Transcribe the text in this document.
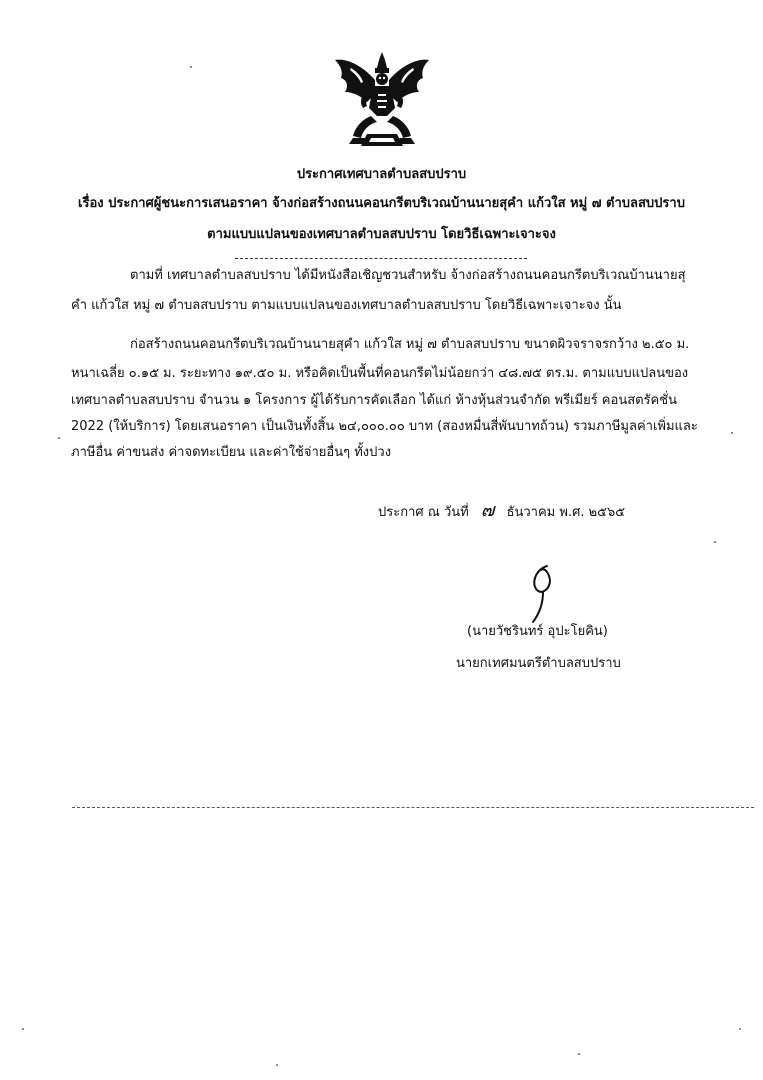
ประกาศเทศบาลตำบลสบปราบ
เรื่อง ประกาศผู้ชนะการเสนอราคา จ้างก่อสร้างถนนคอนกรีตบริเวณบ้านนายสุคำ แก้วใส หมู่ ๗ ตำบลสบปราบ
ตามแบบแปลนของเทศบาลตำบลสบปราบ โดยวิธีเฉพาะเจาะจง
ตามที่ เทศบาลตำบลสบปราบ ได้มีหนังสือเชิญชวนสำหรับ จ้างก่อสร้างถนนคอนกรีตบริเวณบ้านนายสุ
คำ แก้วใส หมู่ ๗ ตำบลสบปราบ ตามแบบแปลนของเทศบาลตำบลสบปราบ โดยวิธีเฉพาะเจาะจง นั้น
ก่อสร้างถนนคอนกรีตบริเวณบ้านนายสุคำ แก้วใส หมู่ ๗ ตำบลสบปราบ ขนาดผิวจราจรกว้าง ๒.๕๐ ม.
หนาเฉลี่ย ๐.๑๕ ม. ระยะทาง ๑๙.๕๐ ม. หรือคิดเป็นพื้นที่คอนกรีตไม่น้อยกว่า ๔๘.๗๕ ตร.ม. ตามแบบแปลนของ
เทศบาลตำบลสบปราบ จำนวน ๑ โครงการ ผู้ได้รับการคัดเลือก ได้แก่ ห้างหุ้นส่วนจำกัด พรีเมียร์ คอนสตรัคชั่น
2022 (ให้บริการ) โดยเสนอราคา เป็นเงินทั้งสิ้น ๒๔,๐๐๐.๐๐ บาท (สองหมื่นสี่พันบาทถ้วน) รวมภาษีมูลค่าเพิ่มและ
ภาษีอื่น ค่าขนส่ง ค่าจดทะเบียน และค่าใช้จ่ายอื่นๆ ทั้งปวง
ประกาศ ณ วันที่ ๗ ธันวาคม พ.ศ. ๒๕๖๕
(นายวัชรินทร์ อุปะโยคิน)
นายกเทศมนตรีตำบลสบปราบ
